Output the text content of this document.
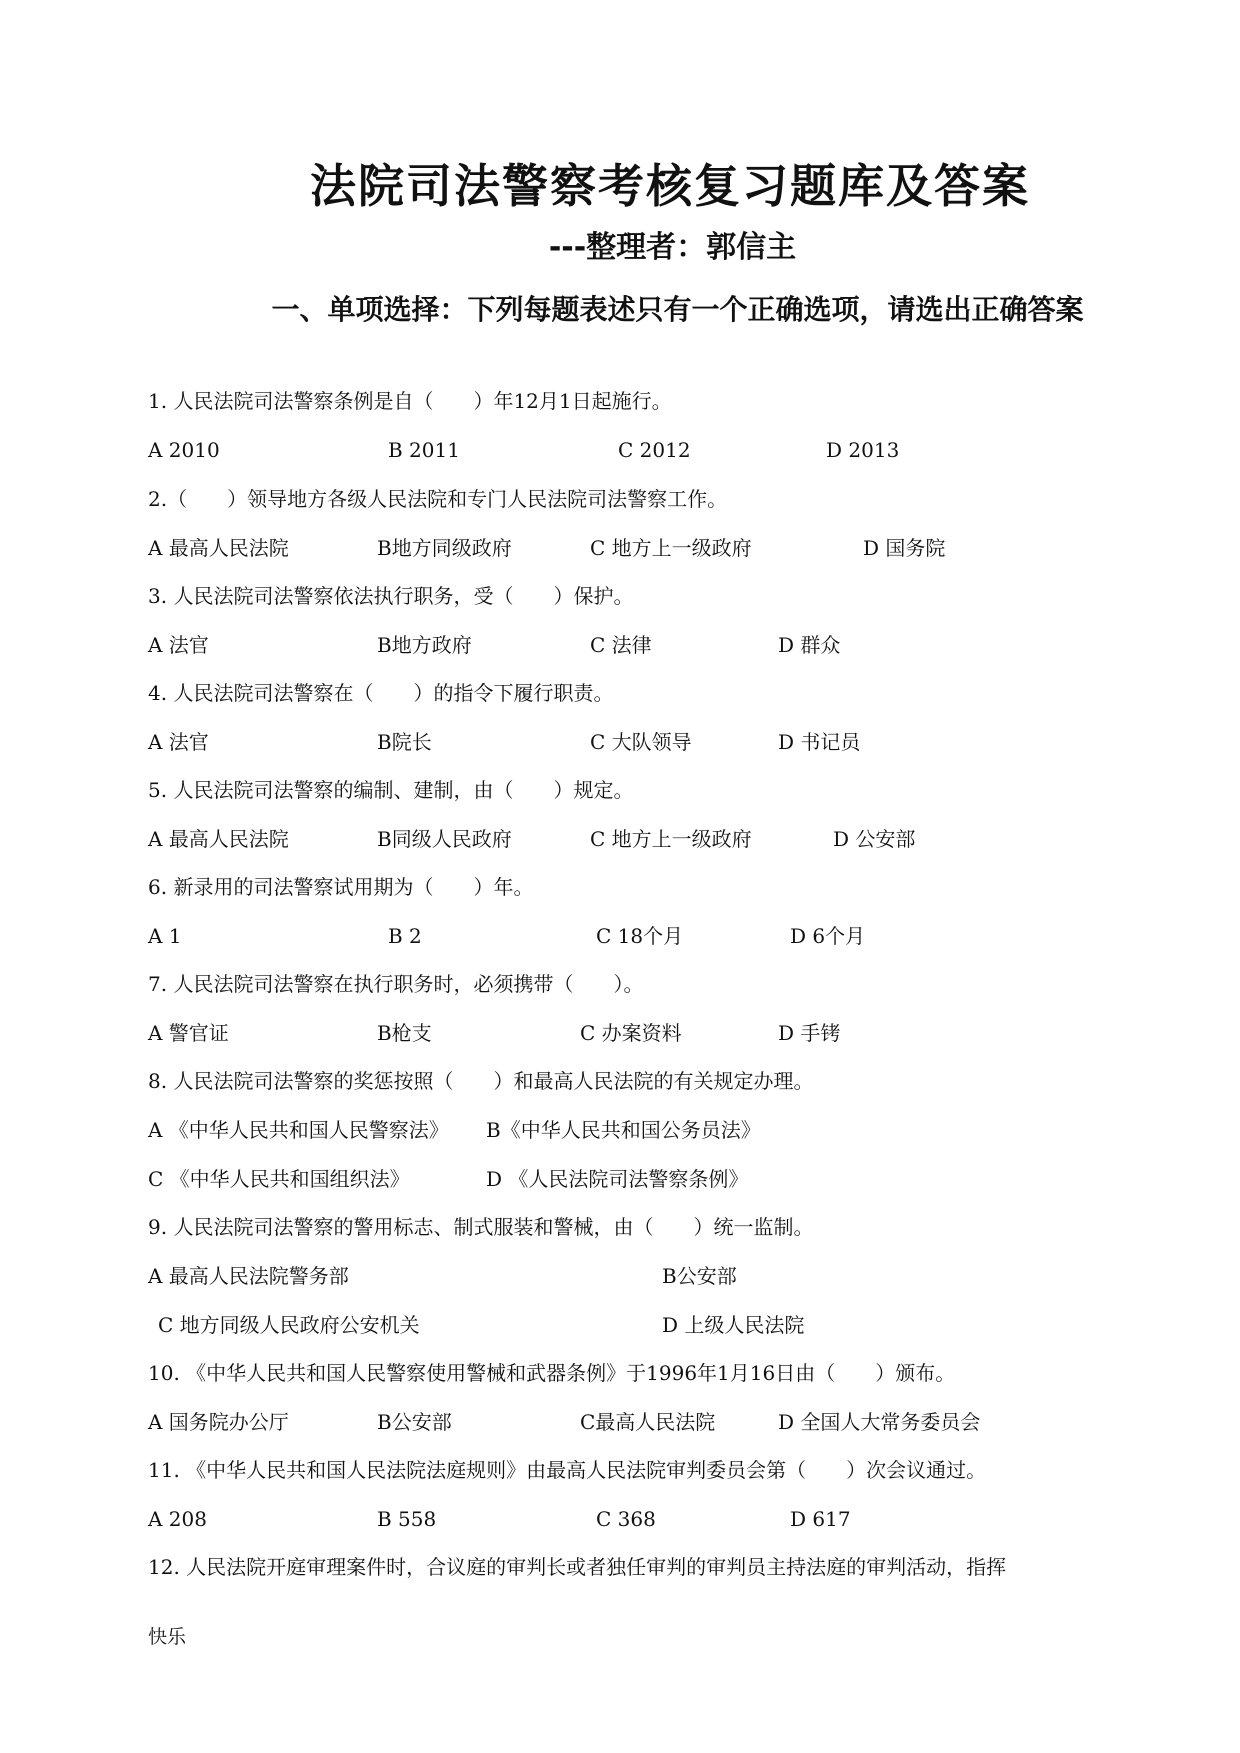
法院司法警察考核复习题库及答案
---整理者：郭信主
一、单项选择：下列每题表述只有一个正确选项，请选出正确答案
1. 人民法院司法警察条例是自（　　）年12月1日起施行。
A 2010	B 2011	C 2012	D 2013
2.（　　）领导地方各级人民法院和专门人民法院司法警察工作。
A 最高人民法院	B地方同级政府	C 地方上一级政府	D 国务院
3. 人民法院司法警察依法执行职务，受（　　）保护。
A 法官	B地方政府	C 法律	D 群众
4. 人民法院司法警察在（　　）的指令下履行职责。
A 法官	B院长	C 大队领导	D 书记员
5. 人民法院司法警察的编制、建制，由（　　）规定。
A 最高人民法院	B同级人民政府	C 地方上一级政府	D 公安部
6. 新录用的司法警察试用期为（　　）年。
A 1	B 2	C 18个月	D 6个月
7. 人民法院司法警察在执行职务时，必须携带（　　）。
A 警官证	B枪支	C 办案资料	D 手铐
8. 人民法院司法警察的奖惩按照（　　）和最高人民法院的有关规定办理。
A 《中华人民共和国人民警察法》 B《中华人民共和国公务员法》
C 《中华人民共和国组织法》	D 《人民法院司法警察条例》
9. 人民法院司法警察的警用标志、制式服装和警械，由（　　）统一监制。
A 最高人民法院警务部	B公安部
C 地方同级人民政府公安机关	D 上级人民法院
10. 《中华人民共和国人民警察使用警械和武器条例》于1996年1月16日由（　　）颁布。
A 国务院办公厅	B公安部	C最高人民法院	D 全国人大常务委员会
11. 《中华人民共和国人民法院法庭规则》由最高人民法院审判委员会第（　　）次会议通过。
A 208	B 558	C 368	D 617
12. 人民法院开庭审理案件时，合议庭的审判长或者独任审判的审判员主持法庭的审判活动，指挥
快乐
